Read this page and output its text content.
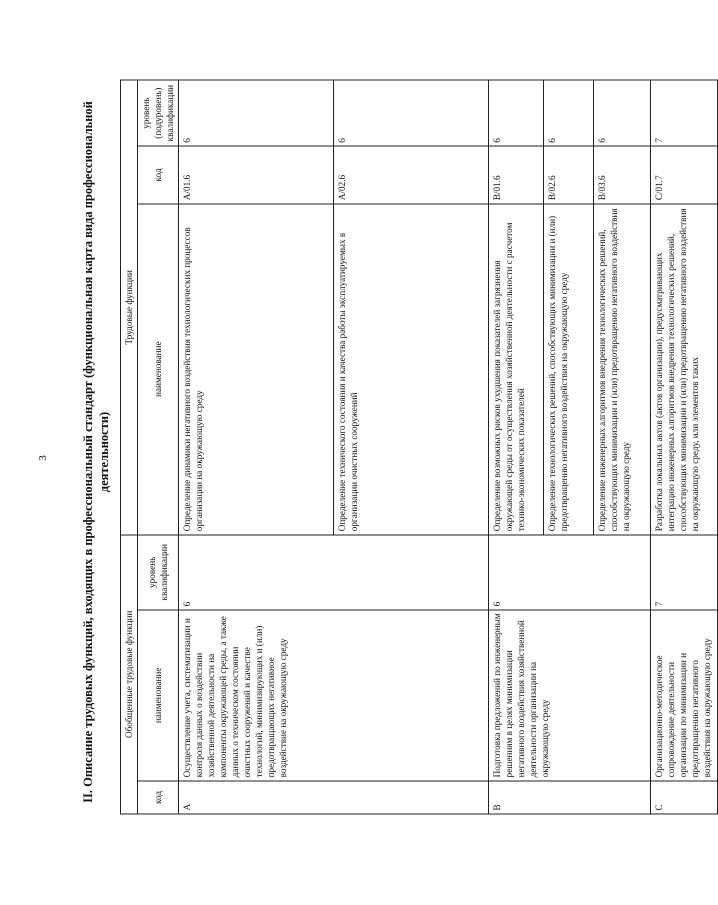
3	II. Описание трудовых функций, входящих в профессиональный стандарт (функциональная карта вида профессиональной деятельности)
Обобщенные трудовые функции			Трудовые функции		
код	наименование	уровень квалификации	наименование	код	уровень (подуровень) квалификации
А	Осуществление учета, систематизации и контроля данных о воздействии хозяйственной деятельности на компоненты окружающей среды, а также данных о техническом состоянии очистных сооружений и качестве технологий, минимизирующих и (или) предотвращающих негативное воздействие на окружающую среду	6	Определение динамики негативного воздействия технологических процессов организации на окружающую среду	А/01.6	6
			Определение технического состояния и качества работы эксплуатируемых в организации очистных сооружений	А/02.6	6
В	Подготовка предложений по инженерным решениям в целях минимизации негативного воздействия хозяйственной деятельности организации на окружающую среду	6	Определение возможных рисков ухудшения показателей загрязнения окружающей среды от осуществления хозяйственной деятельности с расчетом технико-экономических показателей	В/01.6	6
			Определение технологических решений, способствующих минимизации и (или) предотвращению негативного воздействия на окружающую среду	В/02.6	6
			Определение инженерных алгоритмов внедрения технологических решений, способствующих минимизации и (или) предотвращению негативного воздействия на окружающую среду	В/03.6	6
С	Организационно-методическое сопровождение деятельности организации по минимизации и предотвращению негативного воздействия на окружающую среду	7	Разработка локальных актов (актов организации), предусматривающих интеграцию инженерных алгоритмов внедрения технологических решений, способствующих минимизации и (или) предотвращению негативного воздействия на окружающую среду, или элементов таких	С/01.7	7
